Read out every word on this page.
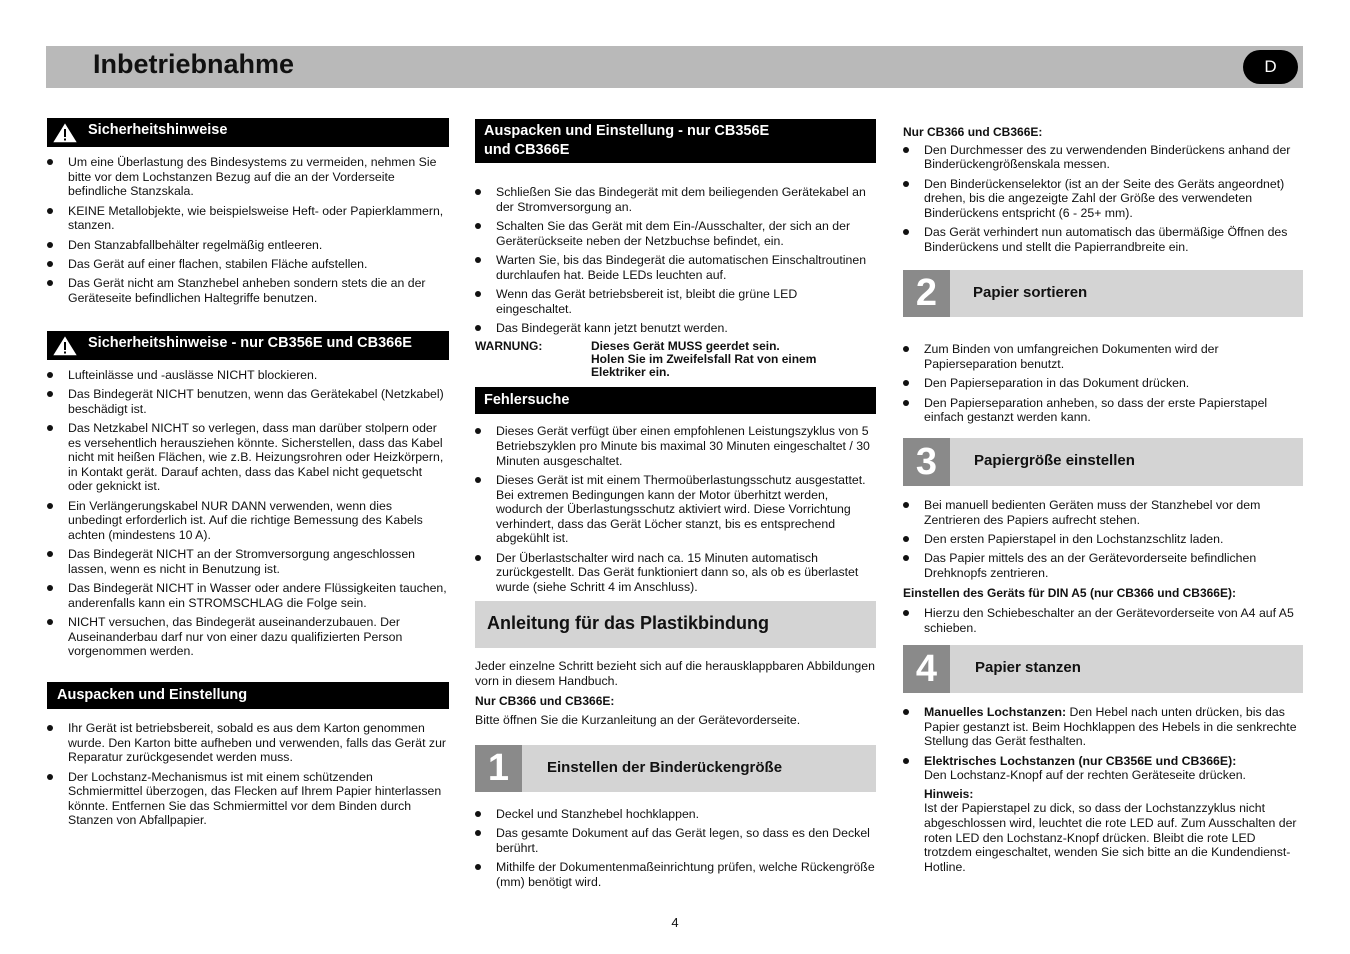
Inbetriebnahme	D
Sicherheitshinweise
Um eine Überlastung des Bindesystems zu vermeiden, nehmen Sie bitte vor dem Lochstanzen Bezug auf die an der Vorderseite befindliche Stanzskala.
KEINE Metallobjekte, wie beispielsweise Heft- oder Papierklammern, stanzen.
Den Stanzabfallbehälter regelmäßig entleeren.
Das Gerät auf einer flachen, stabilen Fläche aufstellen.
Das Gerät nicht am Stanzhebel anheben sondern stets die an der Geräteseite befindlichen Haltegriffe benutzen.
Sicherheitshinweise - nur CB356E und CB366E
Lufteinlässe und -auslässe NICHT blockieren.
Das Bindegerät NICHT benutzen, wenn das Gerätekabel (Netzkabel) beschädigt ist.
Das Netzkabel NICHT so verlegen, dass man darüber stolpern oder es versehentlich herausziehen könnte. Sicherstellen, dass das Kabel nicht mit heißen Flächen, wie z.B. Heizungsrohren oder Heizkörpern, in Kontakt gerät. Darauf achten, dass das Kabel nicht gequetscht oder geknickt ist.
Ein Verlängerungskabel NUR DANN verwenden, wenn dies unbedingt erforderlich ist. Auf die richtige Bemessung des Kabels achten (mindestens 10 A).
Das Bindegerät NICHT an der Stromversorgung angeschlossen lassen, wenn es nicht in Benutzung ist.
Das Bindegerät NICHT in Wasser oder andere Flüssigkeiten tauchen, anderenfalls kann ein STROMSCHLAG die Folge sein.
NICHT versuchen, das Bindegerät auseinanderzubauen. Der Auseinanderbau darf nur von einer dazu qualifizierten Person vorgenommen werden.
Auspacken und Einstellung
Ihr Gerät ist betriebsbereit, sobald es aus dem Karton genommen wurde. Den Karton bitte aufheben und verwenden, falls das Gerät zur Reparatur zurückgesendet werden muss.
Der Lochstanz-Mechanismus ist mit einem schützenden Schmiermittel überzogen, das Flecken auf Ihrem Papier hinterlassen könnte. Entfernen Sie das Schmiermittel vor dem Binden durch Stanzen von Abfallpapier.
Auspacken und Einstellung - nur CB356E
und CB366E
Schließen Sie das Bindegerät mit dem beiliegenden Gerätekabel an der Stromversorgung an.
Schalten Sie das Gerät mit dem Ein-/Ausschalter, der sich an der Geräterückseite neben der Netzbuchse befindet, ein.
Warten Sie, bis das Bindegerät die automatischen Einschaltroutinen durchlaufen hat. Beide LEDs leuchten auf.
Wenn das Gerät betriebsbereit ist, bleibt die grüne LED eingeschaltet.
Das Bindegerät kann jetzt benutzt werden.
WARNUNG:	Dieses Gerät MUSS geerdet sein.
Holen Sie im Zweifelsfall Rat von einem
Elektriker ein.
Fehlersuche
Dieses Gerät verfügt über einen empfohlenen Leistungszyklus von 5 Betriebszyklen pro Minute bis maximal 30 Minuten eingeschaltet / 30 Minuten ausgeschaltet.
Dieses Gerät ist mit einem Thermoüberlastungsschutz ausgestattet. Bei extremen Bedingungen kann der Motor überhitzt werden, wodurch der Überlastungsschutz aktiviert wird. Diese Vorrichtung verhindert, dass das Gerät Löcher stanzt, bis es entsprechend abgekühlt ist.
Der Überlastschalter wird nach ca. 15 Minuten automatisch zurückgestellt. Das Gerät funktioniert dann so, als ob es überlastet wurde (siehe Schritt 4 im Anschluss).
Anleitung für das Plastikbindung

Jeder einzelne Schritt bezieht sich auf die herausklappbaren Abbildungen vorn in diesem Handbuch.

Nur CB366 und CB366E:

Bitte öffnen Sie die Kurzanleitung an der Gerätevorderseite.

1	Einstellen der Binderückengröße
Deckel und Stanzhebel hochklappen.
Das gesamte Dokument auf das Gerät legen, so dass es den Deckel berührt.
Mithilfe der Dokumentenmaßeinrichtung prüfen, welche Rückengröße (mm) benötigt wird.

Nur CB366 und CB366E:

Den Durchmesser des zu verwendenden Binderückens anhand der Binderückengrößenskala messen.
Den Binderückenselektor (ist an der Seite des Geräts angeordnet) drehen, bis die angezeigte Zahl der Größe des verwendeten Binderückens entspricht (6 - 25+ mm).
Das Gerät verhindert nun automatisch das übermäßige Öffnen des Binderückens und stellt die Papierrandbreite ein.
2	Papier sortieren
Zum Binden von umfangreichen Dokumenten wird der Papierseparation benutzt.
Den Papierseparation in das Dokument drücken.
Den Papierseparation anheben, so dass der erste Papierstapel einfach gestanzt werden kann.
3	Papiergröße einstellen
Bei manuell bedienten Geräten muss der Stanzhebel vor dem Zentrieren des Papiers aufrecht stehen.
Den ersten Papierstapel in den Lochstanzschlitz laden.
Das Papier mittels des an der Gerätevorderseite befindlichen Drehknopfs zentrieren.

Einstellen des Geräts für DIN A5 (nur CB366 und CB366E):

Hierzu den Schiebeschalter an der Gerätevorderseite von A4 auf A5 schieben.
4	Papier stanzen
Manuelles Lochstanzen: Den Hebel nach unten drücken, bis das Papier gestanzt ist. Beim Hochklappen des Hebels in die senkrechte Stellung das Gerät festhalten.
Elektrisches Lochstanzen (nur CB356E und CB366E):
Den Lochstanz-Knopf auf der rechten Geräteseite drücken.

Hinweis:

Ist der Papierstapel zu dick, so dass der Lochstanzzyklus nicht abgeschlossen wird, leuchtet die rote LED auf. Zum Ausschalten der roten LED den Lochstanz-Knopf drücken. Bleibt die rote LED trotzdem eingeschaltet, wenden Sie sich bitte an die Kundendienst-Hotline.

4
